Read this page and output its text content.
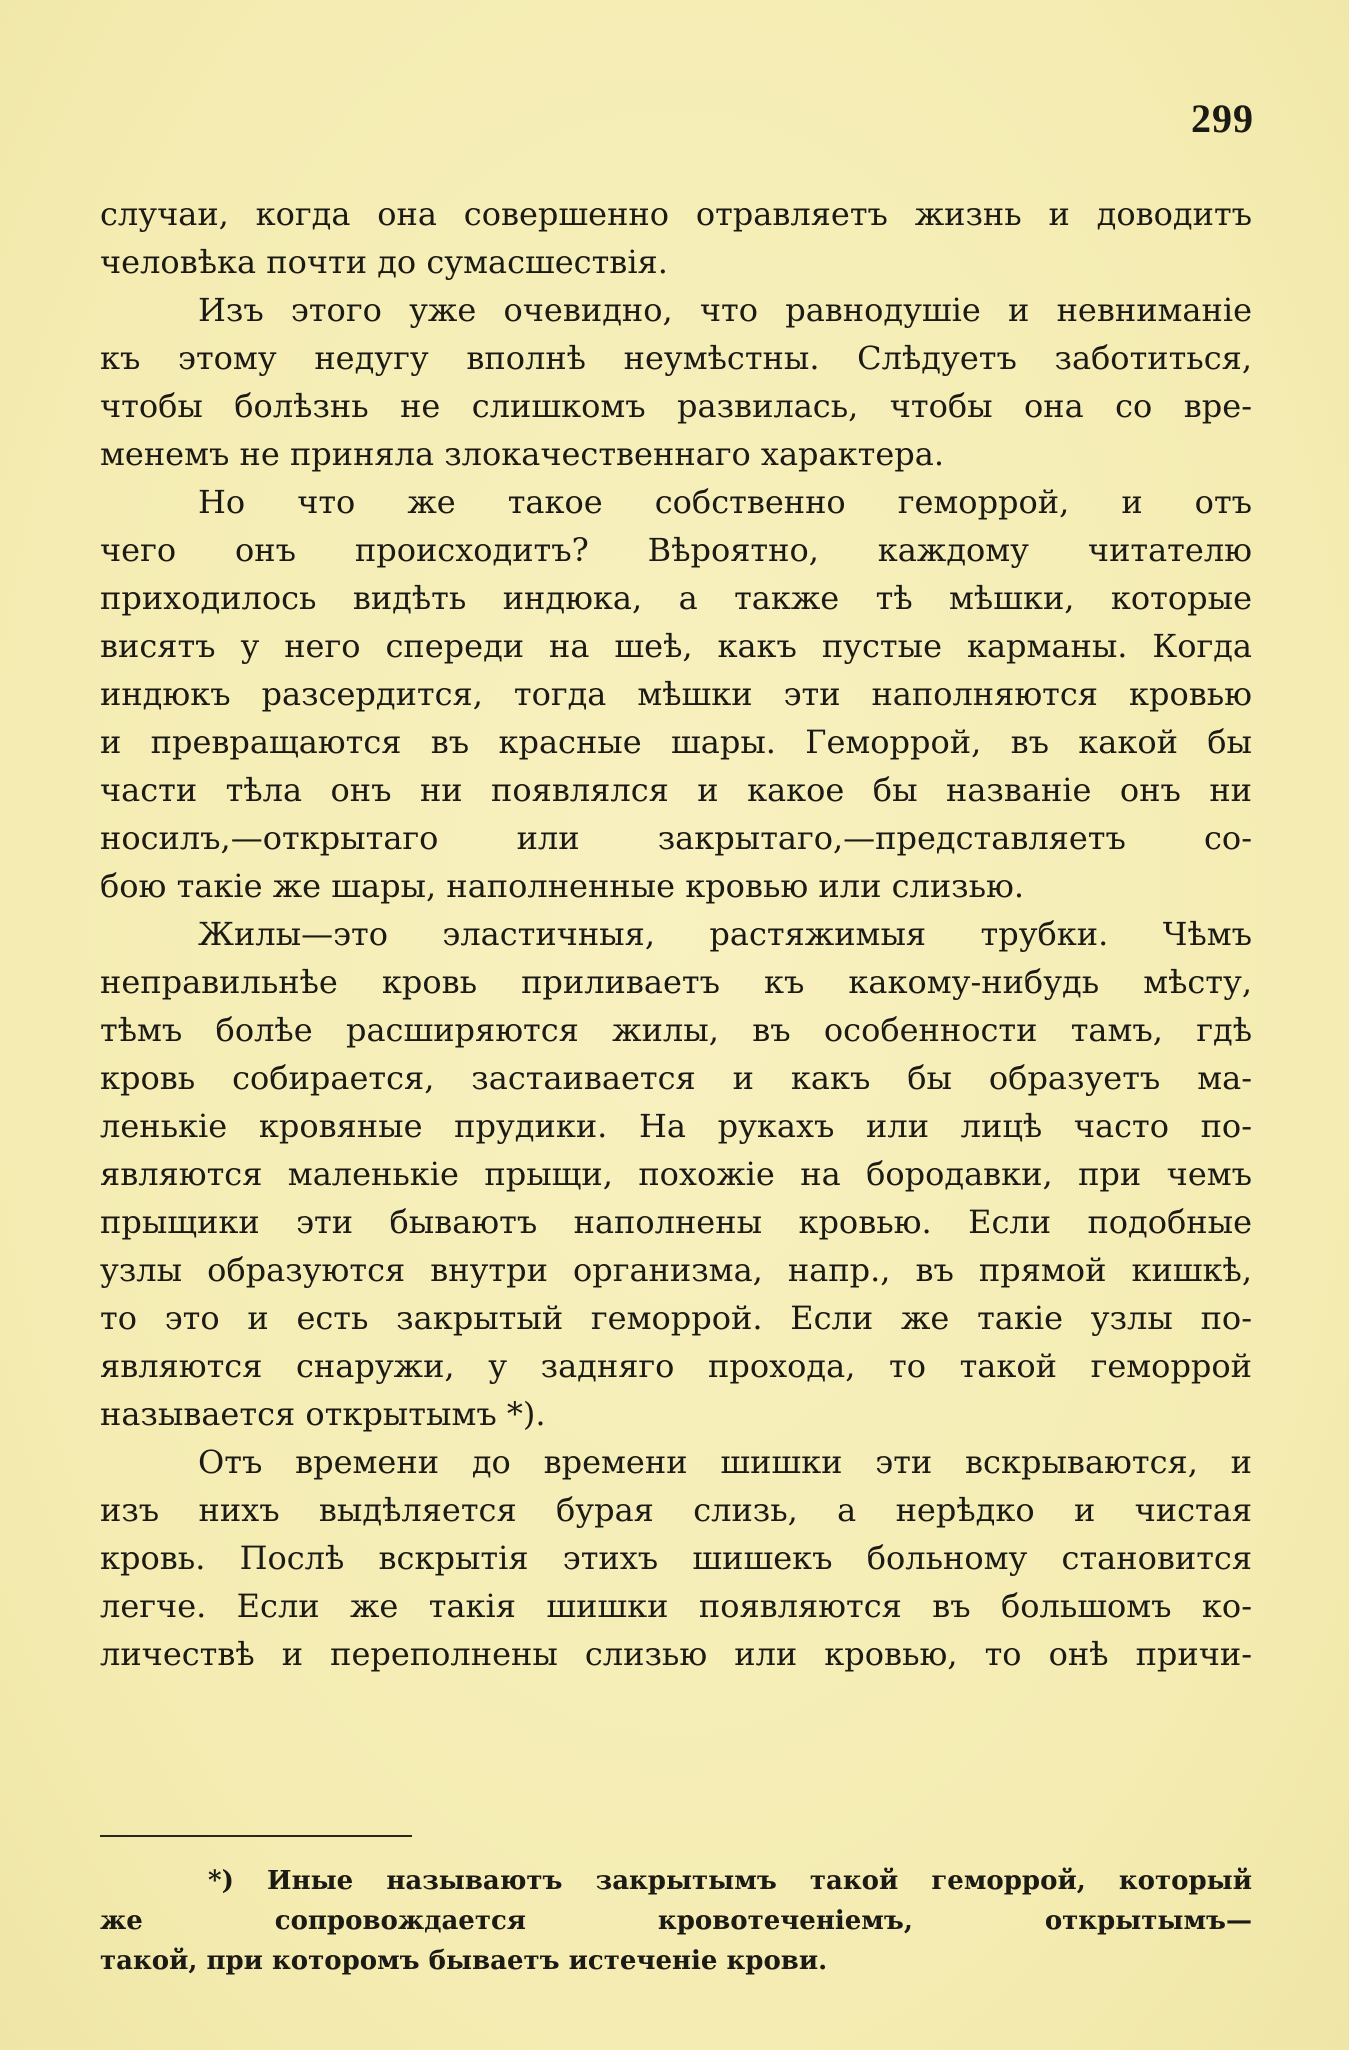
299
случаи, когда она совершенно отравляетъ жизнь и доводитъ
человѣка почти до сумасшествія.
Изъ этого уже очевидно, что равнодушіе и невниманіе
къ этому недугу вполнѣ неумѣстны. Слѣдуетъ заботиться,
чтобы болѣзнь не слишкомъ развилась, чтобы она со вре-
менемъ не приняла злокачественнаго характера.
Но что же такое собственно геморрой, и отъ
чего онъ происходитъ? Вѣроятно, каждому читателю
приходилось видѣть индюка, а также тѣ мѣшки, которые
висятъ у него спереди на шеѣ, какъ пустые карманы. Когда
индюкъ разсердится, тогда мѣшки эти наполняются кровью
и превращаются въ красные шары. Геморрой, въ какой бы
части тѣла онъ ни появлялся и какое бы названіе онъ ни
носилъ,—открытаго или закрытаго,—представляетъ со-
бою такіе же шары, наполненные кровью или слизью.
Жилы—это эластичныя, растяжимыя трубки. Чѣмъ
неправильнѣе кровь приливаетъ къ какому-нибудь мѣсту,
тѣмъ болѣе расширяются жилы, въ особенности тамъ, гдѣ
кровь собирается, застаивается и какъ бы образуетъ ма-
ленькіе кровяные прудики. На рукахъ или лицѣ часто по-
являются маленькіе прыщи, похожіе на бородавки, при чемъ
прыщики эти бываютъ наполнены кровью. Если подобные
узлы образуются внутри организма, напр., въ прямой кишкѣ,
то это и есть закрытый геморрой. Если же такіе узлы по-
являются снаружи, у задняго прохода, то такой геморрой
называется открытымъ *).
Отъ времени до времени шишки эти вскрываются, и
изъ нихъ выдѣляется бурая слизь, а нерѣдко и чистая
кровь. Послѣ вскрытія этихъ шишекъ больному становится
легче. Если же такія шишки появляются въ большомъ ко-
личествѣ и переполнены слизью или кровью, то онѣ причи-
*) Иные называютъ закрытымъ такой геморрой, который
же сопровождается кровотеченіемъ, открытымъ—
такой, при которомъ бываетъ истеченіе крови.
